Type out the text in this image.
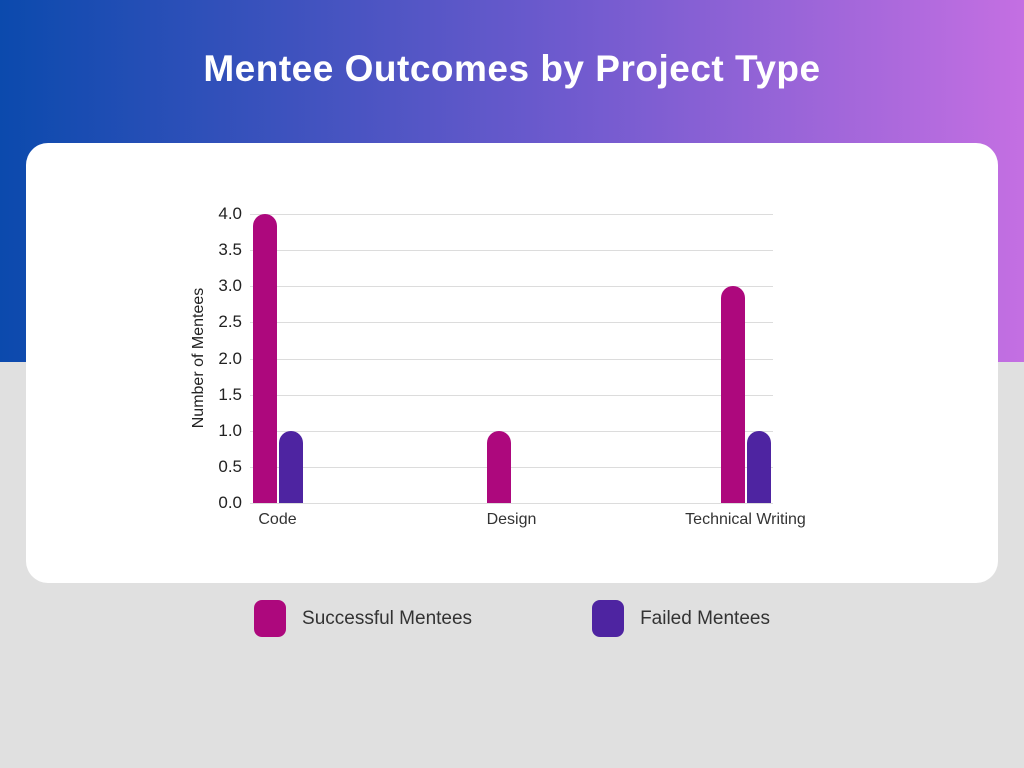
Mentee Outcomes by Project Type
Number of Mentees
0.0
0.5
1.0
1.5
2.0
2.5
3.0
3.5
4.0
Code	Design	Technical Writing
Successful Mentees	Failed Mentees
